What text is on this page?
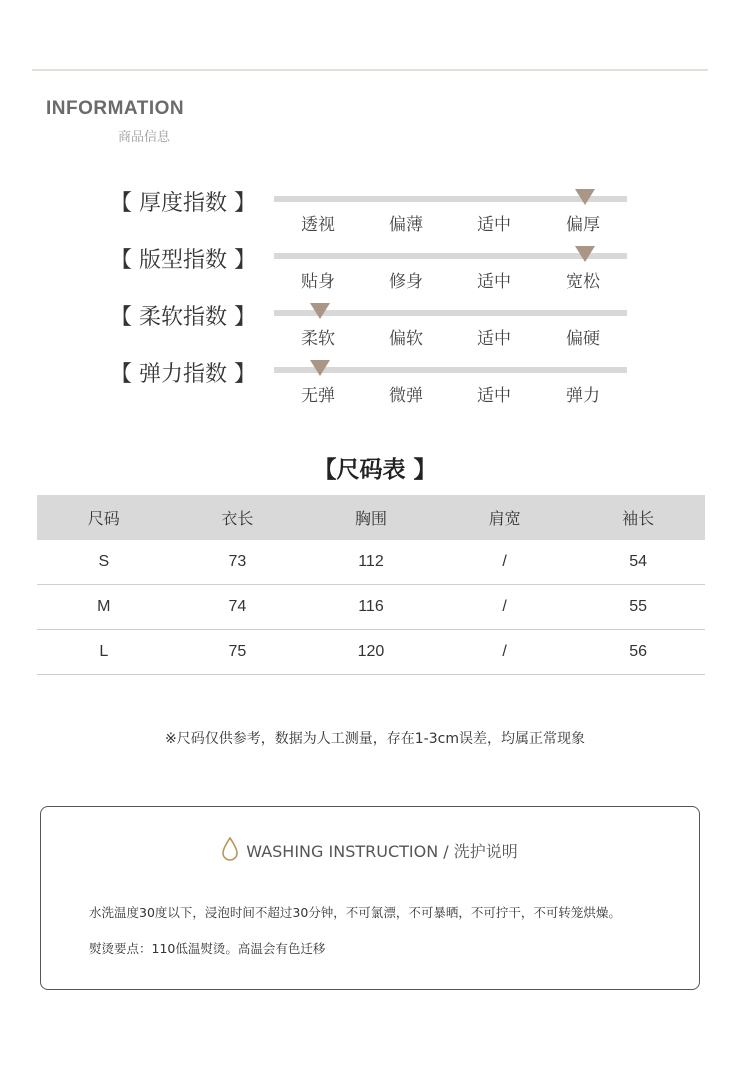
INFORMATION
商品信息
【 厚度指数 】
透视	偏薄	适中	偏厚
【 版型指数 】
贴身	修身	适中	宽松
【 柔软指数 】
柔软	偏软	适中	偏硬
【 弹力指数 】
无弹	微弹	适中	弹力
【尺码表 】
尺码	衣长	胸围	肩宽	袖长
S	73	112	/	54
M	74	116	/	55
L	75	120	/	56
※尺码仅供参考，数据为人工测量，存在1-3cm误差，均属正常现象
WASHING INSTRUCTION / 洗护说明
水洗温度30度以下，浸泡时间不超过30分钟，不可氯漂，不可暴晒，不可拧干，不可转笼烘燥。
熨烫要点：110低温熨烫。高温会有色迁移
